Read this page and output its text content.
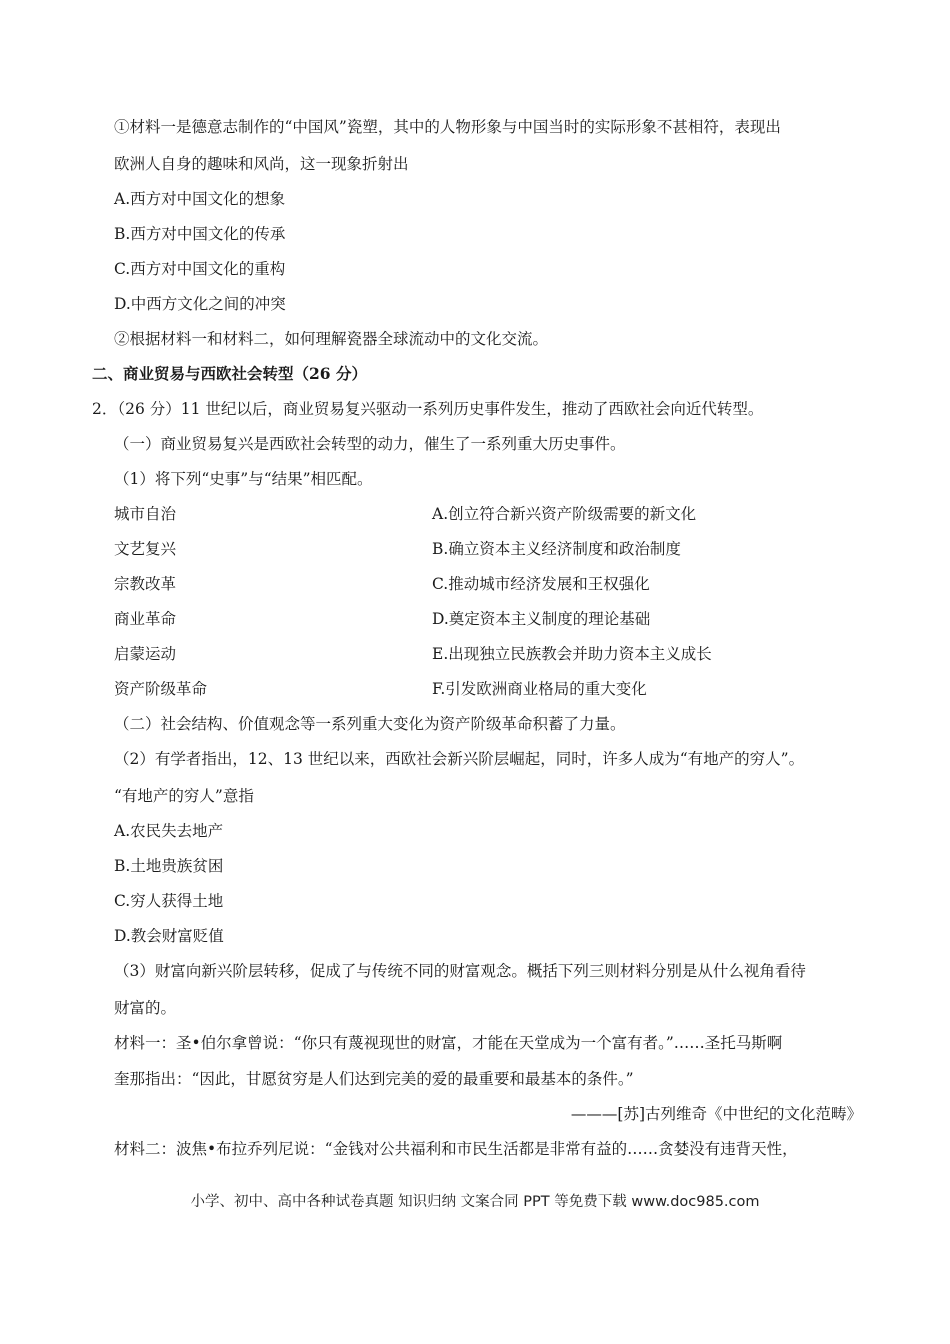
①材料一是德意志制作的“中国风”瓷塑，其中的人物形象与中国当时的实际形象不甚相符，表现出
欧洲人自身的趣味和风尚，这一现象折射出
A.西方对中国文化的想象
B.西方对中国文化的传承
C.西方对中国文化的重构
D.中西方文化之间的冲突
②根据材料一和材料二，如何理解瓷器全球流动中的文化交流。
二、商业贸易与西欧社会转型（26 分）
2．（26 分）11 世纪以后，商业贸易复兴驱动一系列历史事件发生，推动了西欧社会向近代转型。
（一）商业贸易复兴是西欧社会转型的动力，催生了一系列重大历史事件。
（1）将下列“史事”与“结果”相匹配。
城市自治	A.创立符合新兴资产阶级需要的新文化
文艺复兴	B.确立资本主义经济制度和政治制度
宗教改革	C.推动城市经济发展和王权强化
商业革命	D.奠定资本主义制度的理论基础
启蒙运动	E.出现独立民族教会并助力资本主义成长
资产阶级革命	F.引发欧洲商业格局的重大变化
（二）社会结构、价值观念等一系列重大变化为资产阶级革命积蓄了力量。
（2）有学者指出，12、13 世纪以来，西欧社会新兴阶层崛起，同时，许多人成为“有地产的穷人”。
“有地产的穷人”意指
A.农民失去地产
B.土地贵族贫困
C.穷人获得土地
D.教会财富贬值
（3）财富向新兴阶层转移，促成了与传统不同的财富观念。概括下列三则材料分别是从什么视角看待
财富的。
材料一：圣•伯尔拿曾说：“你只有蔑视现世的财富，才能在天堂成为一个富有者。”……圣托马斯啊
奎那指出：“因此，甘愿贫穷是人们达到完美的爱的最重要和最基本的条件。”
———[苏]古列维奇《中世纪的文化范畴》
材料二：波焦•布拉乔列尼说：“金钱对公共福利和市民生活都是非常有益的……贪婪没有违背天性，
小学、初中、高中各种试卷真题 知识归纳 文案合同 PPT 等免费下载 www.doc985.com
